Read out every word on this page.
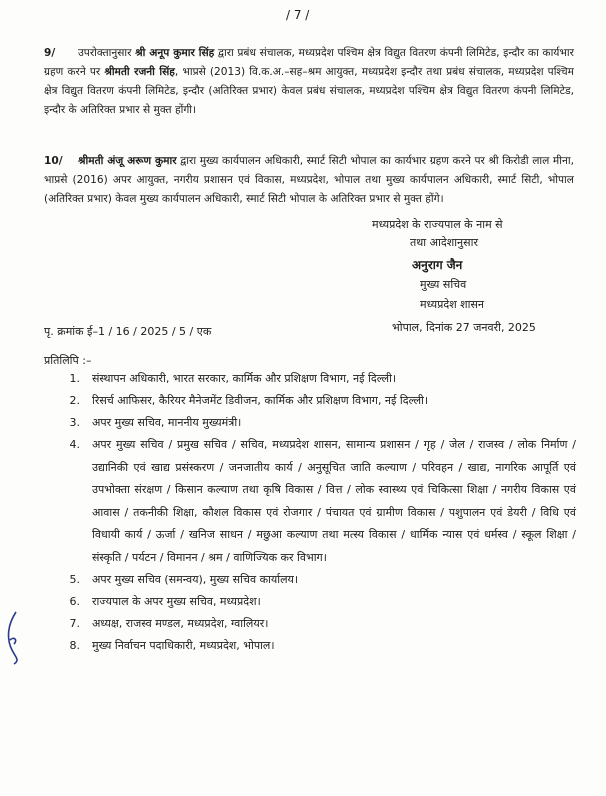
/ 7 /
9/ उपरोक्तानुसार श्री अनूप कुमार सिंह द्वारा प्रबंध संचालक, मध्यप्रदेश पश्चिम क्षेत्र विद्युत वितरण कंपनी लिमिटेड, इन्दौर का कार्यभार ग्रहण करने पर श्रीमती रजनी सिंह, भाप्रसे (2013) वि.क.अ.–सह–श्रम आयुक्त, मध्यप्रदेश इन्दौर तथा प्रबंध संचालक, मध्यप्रदेश पश्चिम क्षेत्र विद्युत वितरण कंपनी लिमिटेड, इन्दौर (अतिरिक्त प्रभार) केवल प्रबंध संचालक, मध्यप्रदेश पश्चिम क्षेत्र विद्युत वितरण कंपनी लिमिटेड, इन्दौर के अतिरिक्त प्रभार से मुक्त होंगी।
10/ श्रीमती अंजू अरूण कुमार द्वारा मुख्य कार्यपालन अधिकारी, स्मार्ट सिटी भोपाल का कार्यभार ग्रहण करने पर श्री किरोडी लाल मीना, भाप्रसे (2016) अपर आयुक्त, नगरीय प्रशासन एवं विकास, मध्यप्रदेश, भोपाल तथा मुख्य कार्यपालन अधिकारी, स्मार्ट सिटी, भोपाल (अतिरिक्त प्रभार) केवल मुख्य कार्यपालन अधिकारी, स्मार्ट सिटी भोपाल के अतिरिक्त प्रभार से मुक्त होंगे।
मध्यप्रदेश के राज्यपाल के नाम से
तथा आदेशानुसार
अनुराग जैन
मुख्य सचिव
मध्यप्रदेश शासन
पृ. क्रमांक ई–1 / 16 / 2025 / 5 / एक	भोपाल, दिनांक 27 जनवरी, 2025
प्रतिलिपि :–
1.	संस्थापन अधिकारी, भारत सरकार, कार्मिक और प्रशिक्षण विभाग, नई दिल्ली।
2.	रिसर्च आफिसर, कैरियर मैनेजमेंट डिवीजन, कार्मिक और प्रशिक्षण विभाग, नई दिल्ली।
3.	अपर मुख्य सचिव, माननीय मुख्यमंत्री।
4.	अपर मुख्य सचिव / प्रमुख सचिव / सचिव, मध्यप्रदेश शासन, सामान्य प्रशासन / गृह / जेल / राजस्व / लोक निर्माण / उद्यानिकी एवं खाद्य प्रसंस्करण / जनजातीय कार्य / अनुसूचित जाति कल्याण / परिवहन / खाद्य, नागरिक आपूर्ति एवं उपभोक्ता संरक्षण / किसान कल्याण तथा कृषि विकास / वित्त / लोक स्वास्थ्य एवं चिकित्सा शिक्षा / नगरीय विकास एवं आवास / तकनीकी शिक्षा, कौशल विकास एवं रोजगार / पंचायत एवं ग्रामीण विकास / पशुपालन एवं डेयरी / विधि एवं विधायी कार्य / ऊर्जा / खनिज साधन / मछुआ कल्याण तथा मत्स्य विकास / धार्मिक न्यास एवं धर्मस्व / स्कूल शिक्षा / संस्कृति / पर्यटन / विमानन / श्रम / वाणिज्यिक कर विभाग।
5.	अपर मुख्य सचिव (समन्वय), मुख्य सचिव कार्यालय।
6.	राज्यपाल के अपर मुख्य सचिव, मध्यप्रदेश।
7.	अध्यक्ष, राजस्व मण्डल, मध्यप्रदेश, ग्वालियर।
8.	मुख्य निर्वाचन पदाधिकारी, मध्यप्रदेश, भोपाल।
